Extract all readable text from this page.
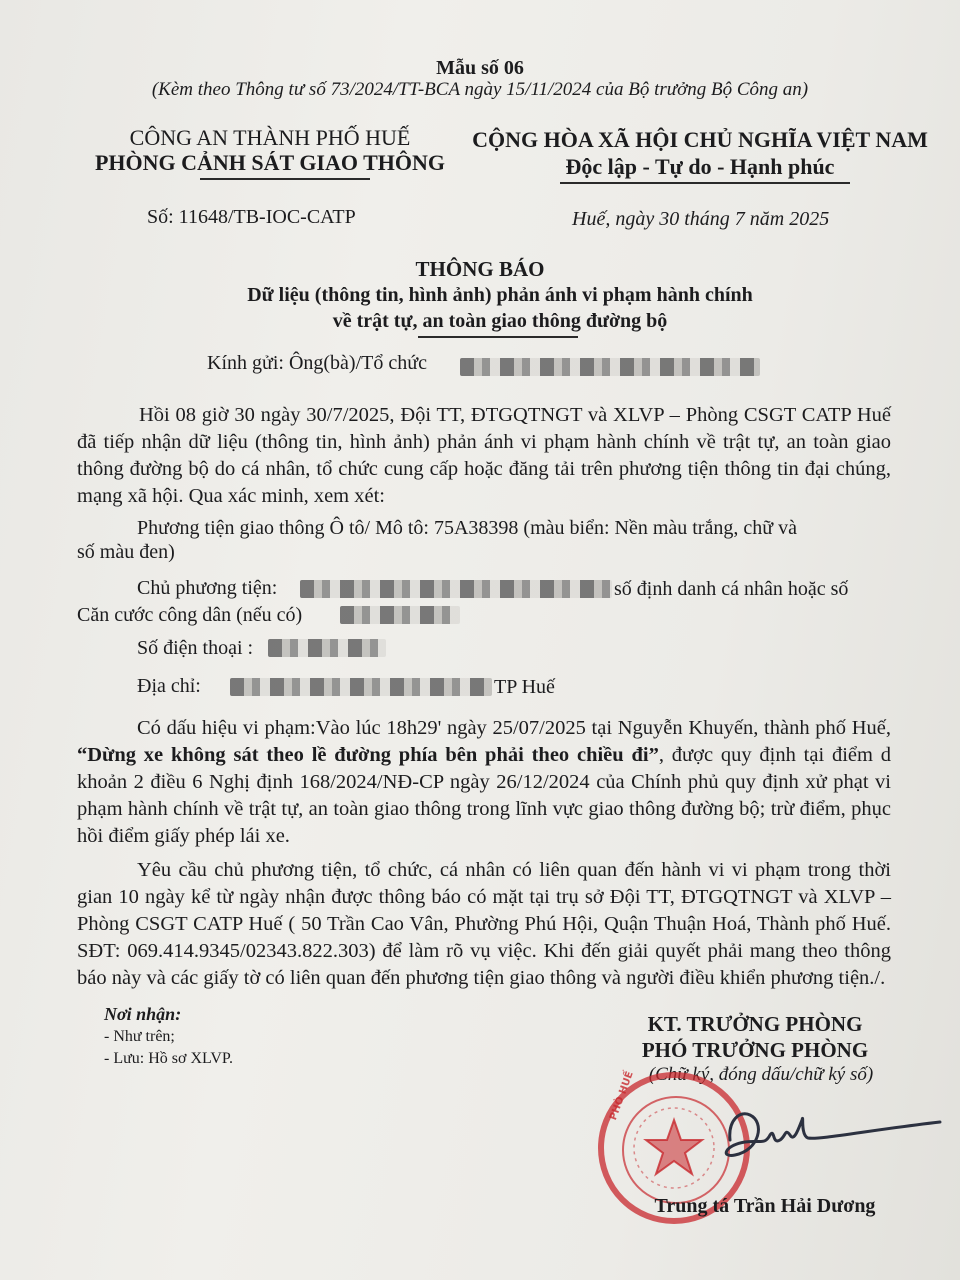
Mẫu số 06
(Kèm theo Thông tư số 73/2024/TT-BCA ngày 15/11/2024 của Bộ trưởng Bộ Công an)
CÔNG AN THÀNH PHỐ HUẾ
PHÒNG CẢNH SÁT GIAO THÔNG
CỘNG HÒA XÃ HỘI CHỦ NGHĨA VIỆT NAM
Độc lập - Tự do - Hạnh phúc
Số: 11648/TB-IOC-CATP	Huế, ngày 30 tháng 7 năm 2025
THÔNG BÁO
Dữ liệu (thông tin, hình ảnh) phản ánh vi phạm hành chính
về trật tự, an toàn giao thông đường bộ
Kính gửi: Ông(bà)/Tổ chức
Hồi 08 giờ 30 ngày 30/7/2025, Đội TT, ĐTGQTNGT và XLVP – Phòng CSGT CATP Huế đã tiếp nhận dữ liệu (thông tin, hình ảnh) phản ánh vi phạm hành chính về trật tự, an toàn giao thông đường bộ do cá nhân, tổ chức cung cấp hoặc đăng tải trên phương tiện thông tin đại chúng, mạng xã hội. Qua xác minh, xem xét:
Phương tiện giao thông Ô tô/ Mô tô: 75A38398 (màu biển: Nền màu trắng, chữ và
số màu đen)
Chủ phương tiện:	số định danh cá nhân hoặc số
Căn cước công dân (nếu có)
Số điện thoại :
Địa chỉ:	TP Huế
Có dấu hiệu vi phạm:Vào lúc 18h29' ngày 25/07/2025 tại Nguyễn Khuyến, thành phố Huế, “Dừng xe không sát theo lề đường phía bên phải theo chiều đi”, được quy định tại điểm d khoản 2 điều 6 Nghị định 168/2024/NĐ-CP ngày 26/12/2024 của Chính phủ quy định xử phạt vi phạm hành chính về trật tự, an toàn giao thông trong lĩnh vực giao thông đường bộ; trừ điểm, phục hồi điểm giấy phép lái xe.
Yêu cầu chủ phương tiện, tổ chức, cá nhân có liên quan đến hành vi vi phạm trong thời gian 10 ngày kể từ ngày nhận được thông báo có mặt tại trụ sở Đội TT, ĐTGQTNGT và XLVP – Phòng CSGT CATP Huế ( 50 Trần Cao Vân, Phường Phú Hội, Quận Thuận Hoá, Thành phố Huế. SĐT: 069.414.9345/02343.822.303) để làm rõ vụ việc. Khi đến giải quyết phải mang theo thông báo này và các giấy tờ có liên quan đến phương tiện giao thông và người điều khiển phương tiện./.
Nơi nhận:
- Như trên;
- Lưu: Hồ sơ XLVP.
KT. TRƯỞNG PHÒNG
PHÓ TRƯỞNG PHÒNG
(Chữ ký, đóng dấu/chữ ký số)
PHÒ HUẾ
Trung tá Trần Hải Dương
